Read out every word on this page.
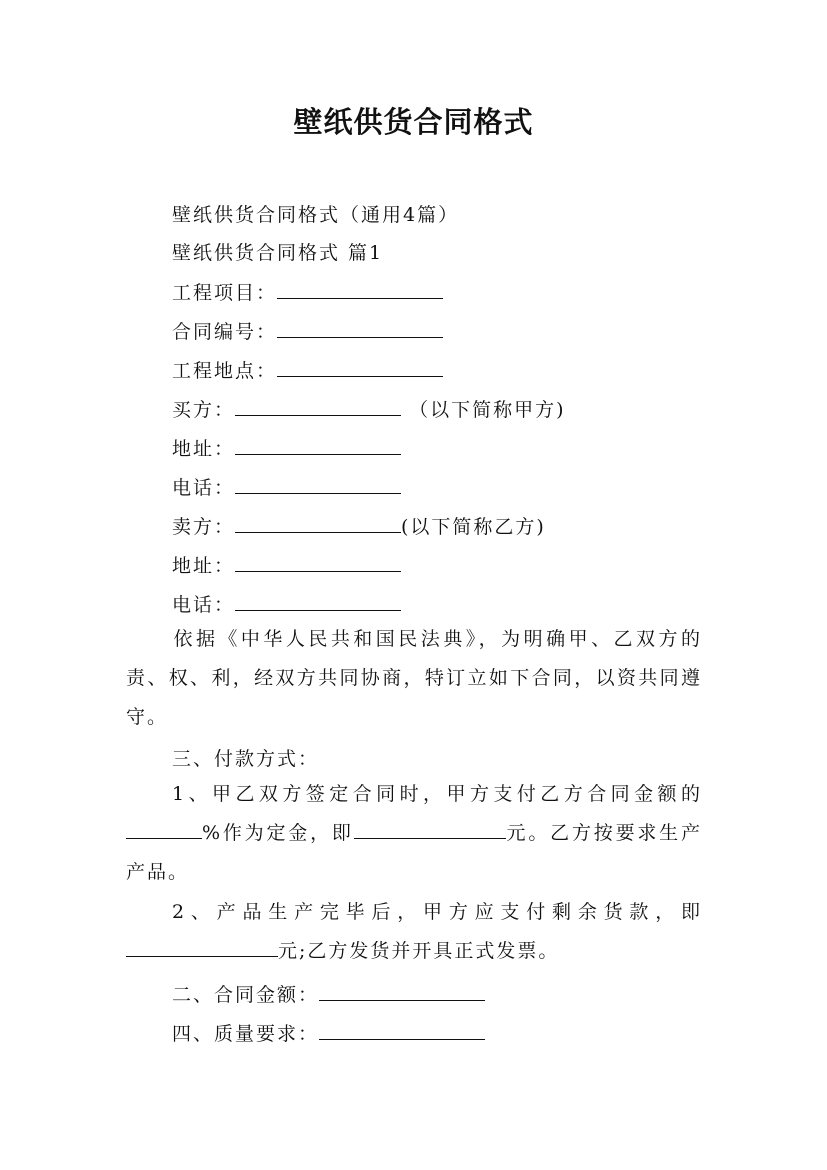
壁纸供货合同格式
壁纸供货合同格式（通用4篇）
壁纸供货合同格式 篇1
工程项目：
合同编号：
工程地点：
买方：	（以下简称甲方)
地址：
电话：
卖方：	(以下简称乙方)
地址：
电话：
依据《中华人民共和国民法典》，为明确甲、乙双方的责、权、利，经双方共同协商，特订立如下合同，以资共同遵守。
三、付款方式：
1、甲乙双方签定合同时，甲方支付乙方合同金额的%作为定金，即	元。乙方按要求生产产品。
2、产品生产完毕后，甲方应支付剩余货款，即元;乙方发货并开具正式发票。
二、合同金额：
四、质量要求：
